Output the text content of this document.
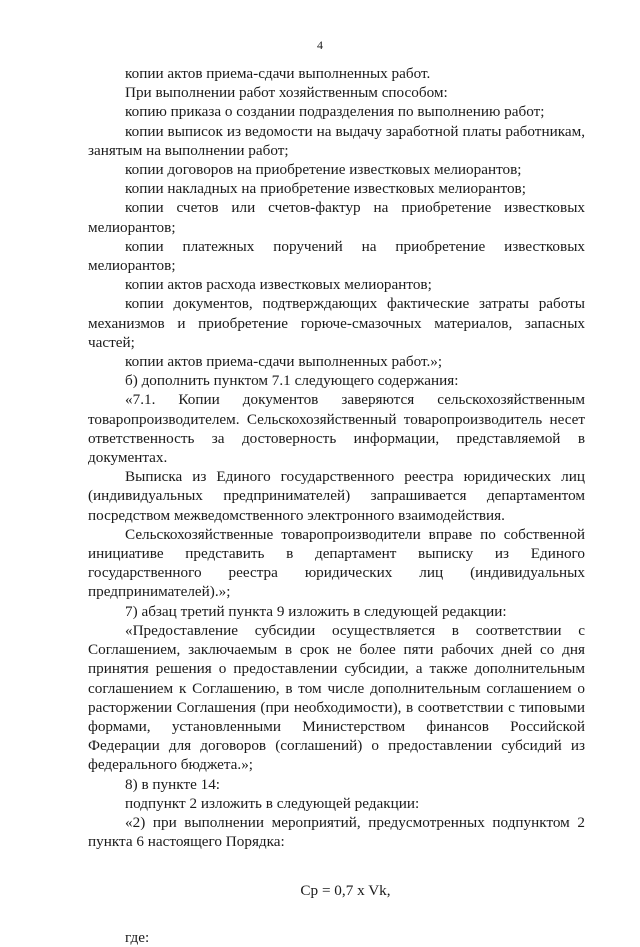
4

копии актов приема-сдачи выполненных работ.

При выполнении работ хозяйственным способом:

копию приказа о создании подразделения по выполнению работ;

копии выписок из ведомости на выдачу заработной платы работникам, занятым на выполнении работ;

копии договоров на приобретение известковых мелиорантов;

копии накладных на приобретение известковых мелиорантов;

копии счетов или счетов-фактур на приобретение известковых мелиорантов;

копии платежных поручений на приобретение известковых мелиорантов;

копии актов расхода известковых мелиорантов;

копии документов, подтверждающих фактические затраты работы механизмов и приобретение горюче-смазочных материалов, запасных частей;

копии актов приема-сдачи выполненных работ.»;

б) дополнить пунктом 7.1 следующего содержания:

«7.1. Копии документов заверяются сельскохозяйственным товаропроизводителем. Сельскохозяйственный товаропроизводитель несет ответственность за достоверность информации, представляемой в документах.

Выписка из Единого государственного реестра юридических лиц (индивидуальных предпринимателей) запрашивается департаментом посредством межведомственного электронного взаимодействия.

Сельскохозяйственные товаропроизводители вправе по собственной инициативе представить в департамент выписку из Единого государственного реестра юридических лиц (индивидуальных предпринимателей).»;

7) абзац третий пункта 9 изложить в следующей редакции:

«Предоставление субсидии осуществляется в соответствии с Соглашением, заключаемым в срок не более пяти рабочих дней со дня принятия решения о предоставлении субсидии, а также дополнительным соглашением к Соглашению, в том числе дополнительным соглашением о расторжении Соглашения (при необходимости), в соответствии с типовыми формами, установленными Министерством финансов Российской Федерации для договоров (соглашений) о предоставлении субсидий из федерального бюджета.»;

8) в пункте 14:

подпункт 2 изложить в следующей редакции:

«2) при выполнении мероприятий, предусмотренных подпунктом 2 пункта 6 настоящего Порядка:

Cp = 0,7 x Vk,

где:
